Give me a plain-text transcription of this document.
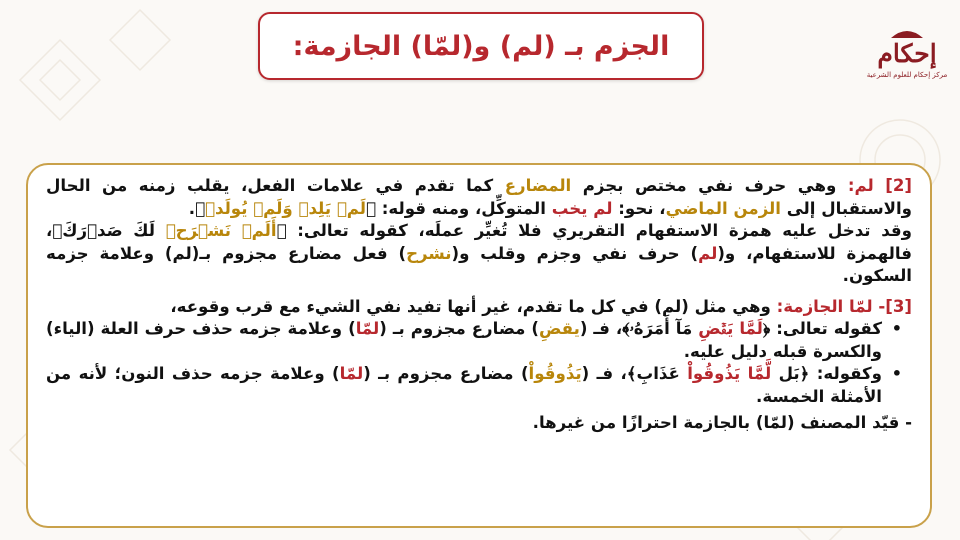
الجزم بـ (لم) و(لمّا) الجازمة:	إحكام
مركز إحكام للعلوم الشرعية
[2] لم: وهي حرف نفي مختص بجزم المضارع كما تقدم في علامات الفعل، يقلب زمنه من الحال والاستقبال إلى الزمن الماضي، نحو: لم يخب المتوكِّل، ومنه قوله: ﴿لَمۡ يَلِدۡ وَلَمۡ يُولَدۡ﴾.
وقد تدخل عليه همزة الاستفهام التقريري فلا تُغيِّر عملَه، كقوله تعالى: ﴿أَلَمۡ نَشۡرَحۡ لَكَ صَدۡرَكَ﴾، فالهمزة للاستفهام، و(لم) حرف نفي وجزم وقلب و(نشرح) فعل مضارع مجزوم بـ(لم) وعلامة جزمه السكون.
[3]- لمّا الجازمة: وهي مثل (لم) في كل ما تقدم، غير أنها تفيد نفي الشيء مع قرب وقوعه،
•
كقوله تعالى: ﴿لَمَّا يَقۡضِ مَآ أَمَرَهُۥ﴾، فـ (يقضِ) مضارع مجزوم بـ (لمّا) وعلامة جزمه حذف حرف العلة (الياء) والكسرة قبله دليل عليه.
•
وكقوله: ﴿بَل لَّمَّا يَذُوقُواْ عَذَابِ﴾، فـ (يَذُوقُواْ) مضارع مجزوم بـ (لمّا) وعلامة جزمه حذف النون؛ لأنه من الأمثلة الخمسة.
- قيّد المصنف (لمّا) بالجازمة احترازًا من غيرها.
